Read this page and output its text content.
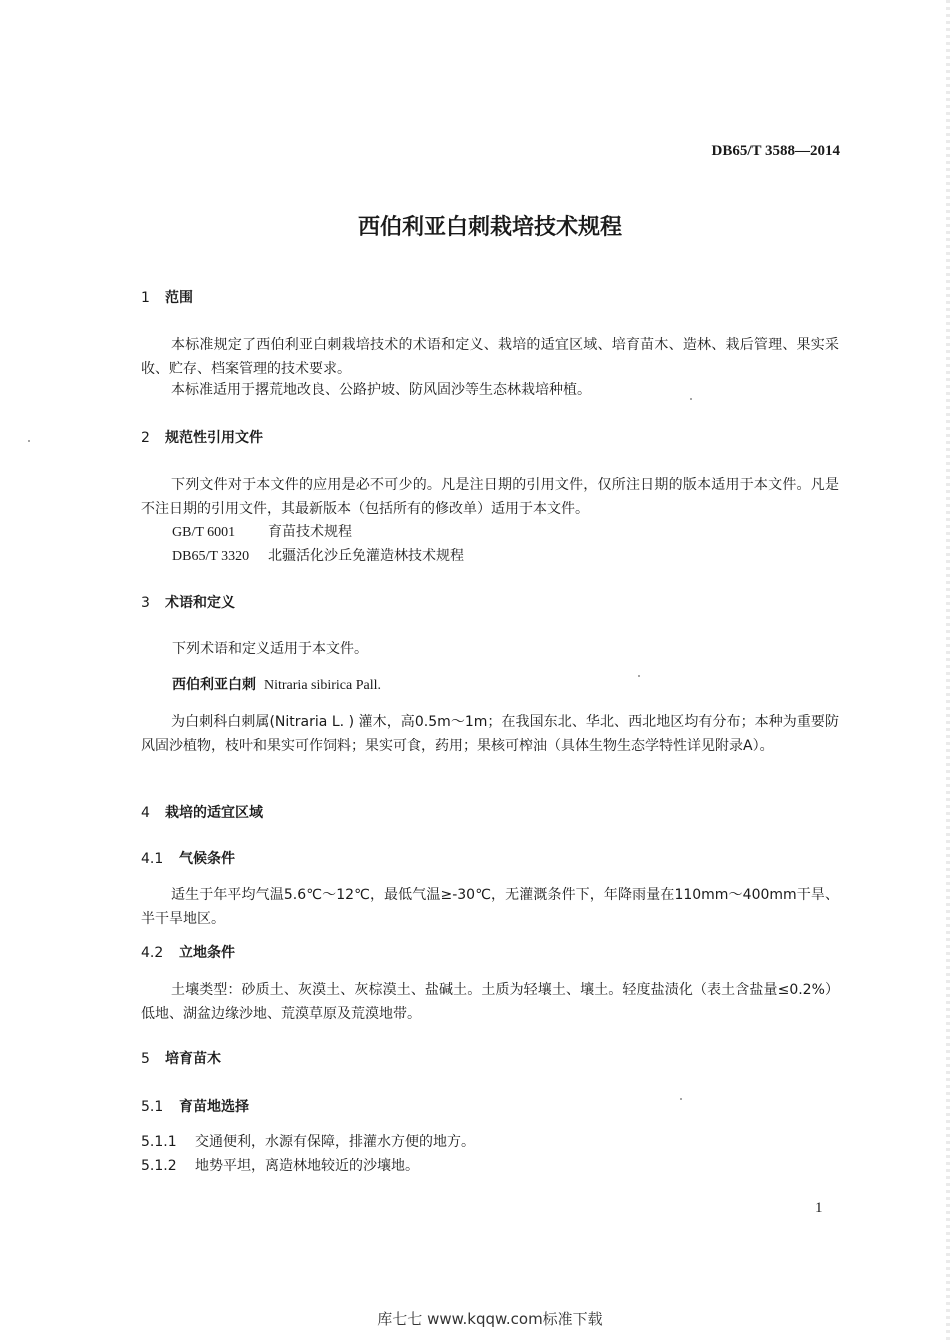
DB65/T 3588—2014
西伯利亚白刺栽培技术规程
1 范围
本标准规定了西伯利亚白刺栽培技术的术语和定义、栽培的适宜区域、培育苗木、造林、栽后管理、果实采收、贮存、档案管理的技术要求。
本标准适用于撂荒地改良、公路护坡、防风固沙等生态林栽培种植。
2 规范性引用文件
下列文件对于本文件的应用是必不可少的。凡是注日期的引用文件，仅所注日期的版本适用于本文件。凡是不注日期的引用文件，其最新版本（包括所有的修改单）适用于本文件。
GB/T 6001 育苗技术规程
DB65/T 3320 北疆活化沙丘免灌造林技术规程
3 术语和定义
下列术语和定义适用于本文件。
西伯利亚白刺 Nitraria sibirica Pall.
为白刺科白刺属(Nitraria L. ) 灌木，高0.5m～1m；在我国东北、华北、西北地区均有分布；本种为重要防风固沙植物，枝叶和果实可作饲料；果实可食，药用；果核可榨油（具体生物生态学特性详见附录A）。
4 栽培的适宜区域
4.1 气候条件
适生于年平均气温5.6℃～12℃，最低气温≥-30℃，无灌溉条件下，年降雨量在110mm～400mm干旱、半干旱地区。
4.2 立地条件
土壤类型：砂质土、灰漠土、灰棕漠土、盐碱土。土质为轻壤土、壤土。轻度盐渍化（表土含盐量≤0.2%）低地、湖盆边缘沙地、荒漠草原及荒漠地带。
5 培育苗木
5.1 育苗地选择
5.1.1 交通便利，水源有保障，排灌水方便的地方。
5.1.2 地势平坦，离造林地较近的沙壤地。
1
库七七 www.kqqw.com标准下载
